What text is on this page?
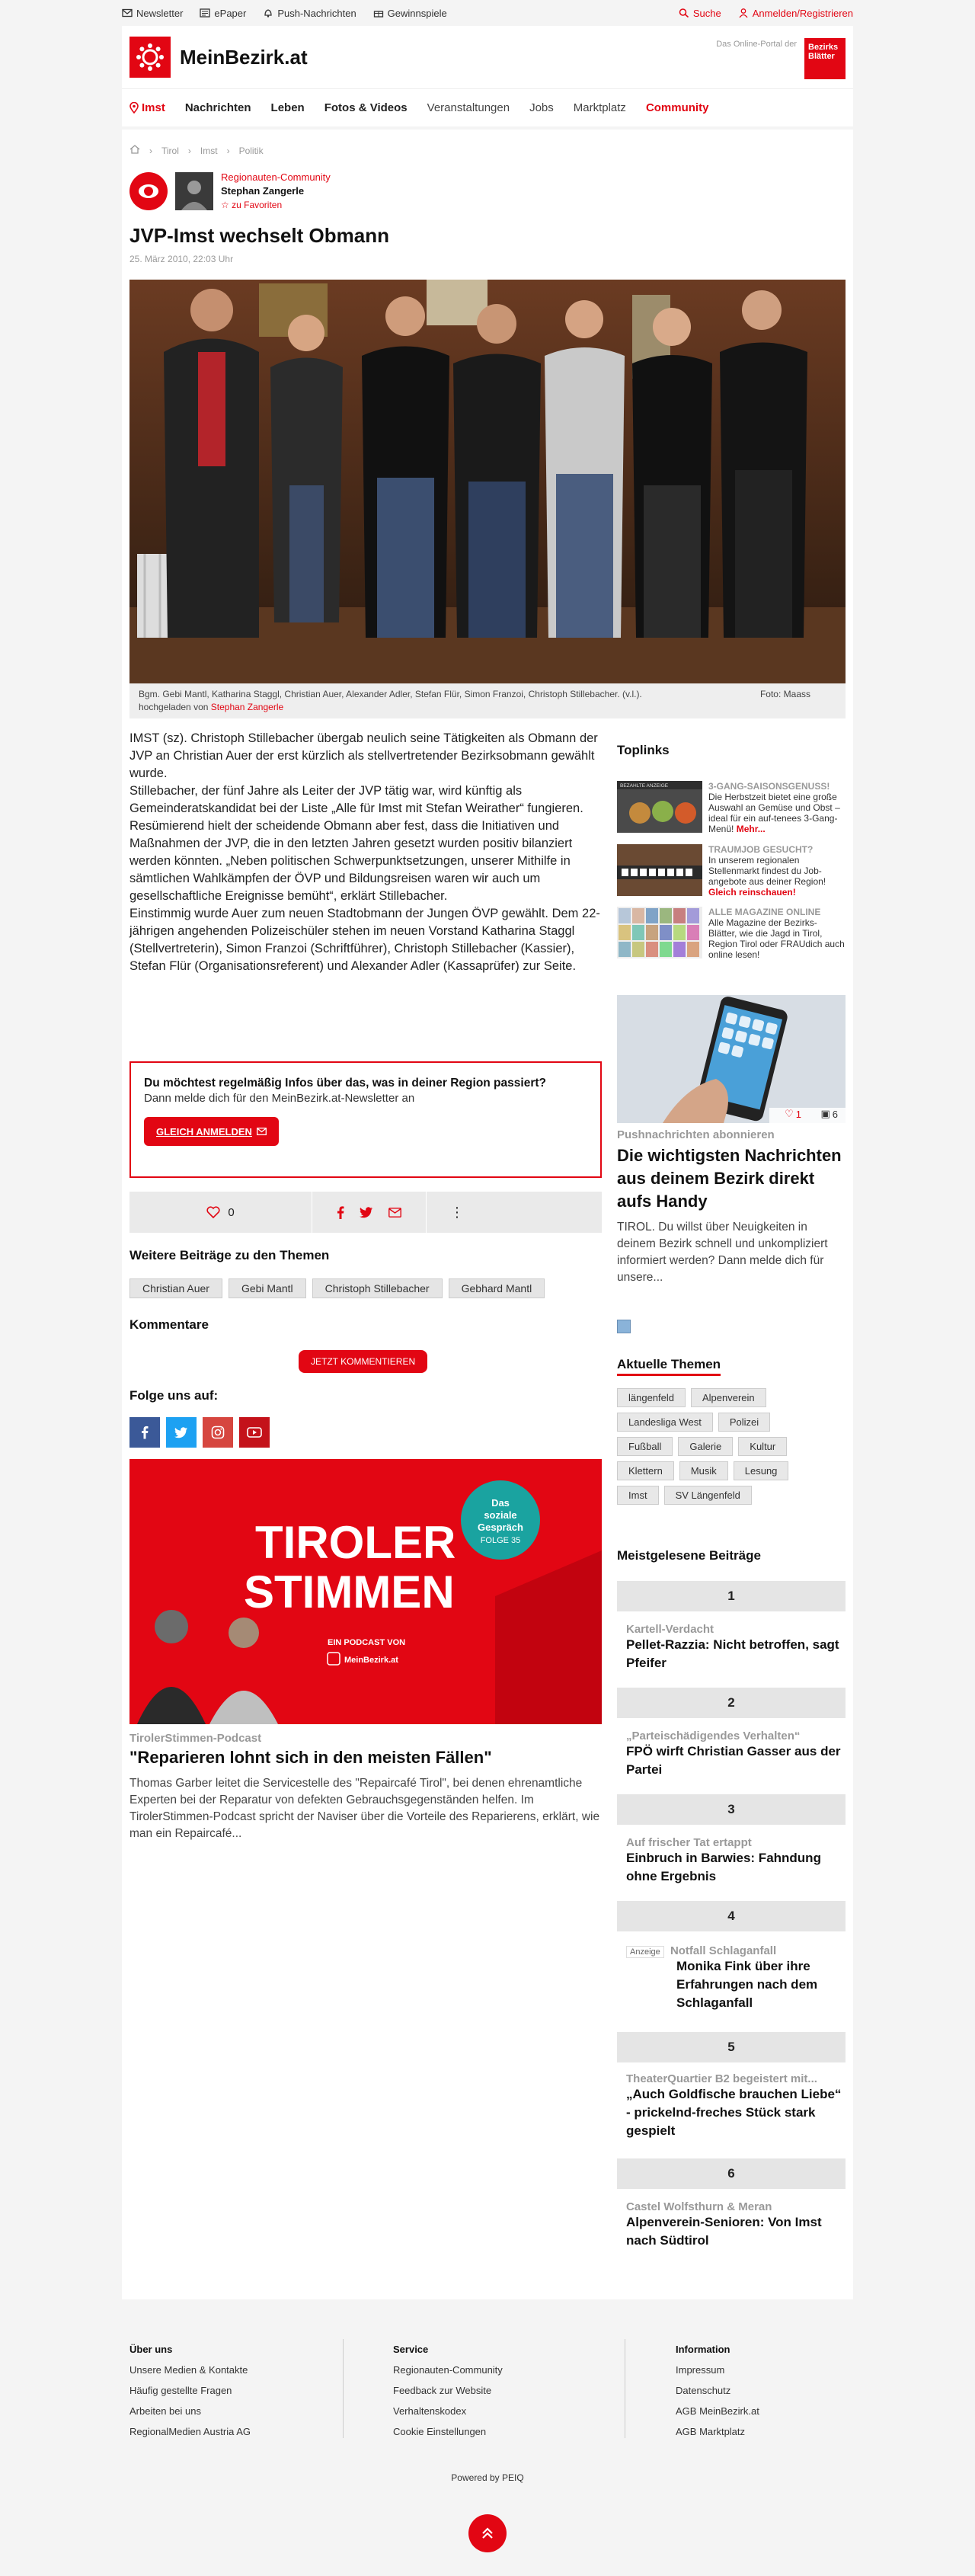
Newsletter	ePaper	Push-Nachrichten	Gewinnspiele	Suche	Anmelden/Registrieren
MeinBezirk.at
Das Online-Portal der	Bezirks Blätter
Imst Nachrichten Leben Fotos & Videos Veranstaltungen Jobs Marktplatz Community
› Tirol › Imst › Politik
Regionauten-Community
Stephan Zangerle
☆ zu Favoriten
JVP-Imst wechselt Obmann
25. März 2010, 22:03 Uhr
Bgm. Gebi Mantl, Katharina Staggl, Christian Auer, Alexander Adler, Stefan Flür, Simon Franzoi, Christoph Stillebacher. (v.l.).	Foto: Maass
hochgeladen von Stephan Zangerle

IMST (sz). Christoph Stillebacher übergab neulich seine Tätigkeiten als Obmann der JVP an Christian Auer der erst kürzlich als stellvertretender Bezirksobmann gewählt wurde.

Stillebacher, der fünf Jahre als Leiter der JVP tätig war, wird künftig als Gemeinderatskandidat bei der Liste „Alle für Imst mit Stefan Weirather“ fungieren. Resümierend hielt der scheidende Obmann aber fest, dass die Initiativen und Maßnahmen der JVP, die in den letzten Jahren gesetzt wurden positiv bilanziert werden könnten. „Neben politischen Schwerpunktsetzungen, unserer Mithilfe in sämtlichen Wahlkämpfen der ÖVP und Bildungsreisen waren wir auch um gesellschaftliche Ereignisse bemüht“, erklärt Stillebacher.

Einstimmig wurde Auer zum neuen Stadtobmann der Jungen ÖVP gewählt. Dem 22-jährigen angehenden Polizeischüler stehen im neuen Vorstand Katharina Staggl (Stellvertreterin), Simon Franzoi (Schriftführer), Christoph Stillebacher (Kassier), Stefan Flür (Organisationsreferent) und Alexander Adler (Kassaprüfer) zur Seite.

Du möchtest regelmäßig Infos über das, was in deiner Region passiert?
Dann melde dich für den MeinBezirk.at-Newsletter an
GLEICH ANMELDEN
0	⋮
Weitere Beiträge zu den Themen
Christian Auer	Gebi Mantl	Christoph Stillebacher	Gebhard Mantl
Kommentare
JETZT KOMMENTIEREN
Folge uns auf:
TIROLER
STIMMEN
Das
soziale
Gespräch
FOLGE 35
EIN PODCAST VON
MeinBezirk.at
TirolerStimmen-Podcast
"Reparieren lohnt sich in den meisten Fällen"
Thomas Garber leitet die Servicestelle des "Repaircafé Tirol", bei denen ehrenamtliche Experten bei der Reparatur von defekten Gebrauchsgegenständen helfen. Im TirolerStimmen-Podcast spricht der Naviser über die Vorteile des Reparierens, erklärt, wie man ein Repaircafé...
Toplinks
BEZAHLTE ANZEIGE	3-GANG-SAISONSGENUSS!
Die Herbstzeit bietet eine große Auswahl an Gemüse und Obst – ideal für ein auf-tenees 3-Gang-Menü! Mehr...
TRAUMJOB GESUCHT?
In unserem regionalen Stellenmarkt findest du Job-angebote aus deiner Region! Gleich reinschauen!
ALLE MAGAZINE ONLINE
Alle Magazine der Bezirks-Blätter, wie die Jagd in Tirol, Region Tirol oder FRAUdich auch online lesen!
♡ 1 ▣ 6
Pushnachrichten abonnieren
Die wichtigsten Nachrichten aus deinem Bezirk direkt aufs Handy
TIROL. Du willst über Neuigkeiten in deinem Bezirk schnell und unkompliziert informiert werden? Dann melde dich für unsere...
Aktuelle Themen
längenfeld	Alpenverein
Landesliga West	Polizei
Fußball	Galerie	Kultur
Klettern	Musik	Lesung
Imst	SV Längenfeld
Meistgelesene Beiträge
1
Kartell-Verdacht
Pellet-Razzia: Nicht betroffen, sagt Pfeifer
2
„Parteischädigendes Verhalten“
FPÖ wirft Christian Gasser aus der Partei
3
Auf frischer Tat ertappt
Einbruch in Barwies: Fahndung ohne Ergebnis
4
Anzeige Notfall Schlaganfall
Monika Fink über ihre Erfahrungen nach dem Schlaganfall
5
TheaterQuartier B2 begeistert mit...
„Auch Goldfische brauchen Liebe“ - prickelnd-freches Stück stark gespielt
6
Castel Wolfsthurn & Meran
Alpenverein-Senioren: Von Imst nach Südtirol
Über uns
Unsere Medien & Kontakte
Häufig gestellte Fragen
Arbeiten bei uns
RegionalMedien Austria AG
Service
Regionauten-Community
Feedback zur Website
Verhaltenskodex
Cookie Einstellungen
Information
Impressum
Datenschutz
AGB MeinBezirk.at
AGB Marktplatz
Powered by PEIQ
